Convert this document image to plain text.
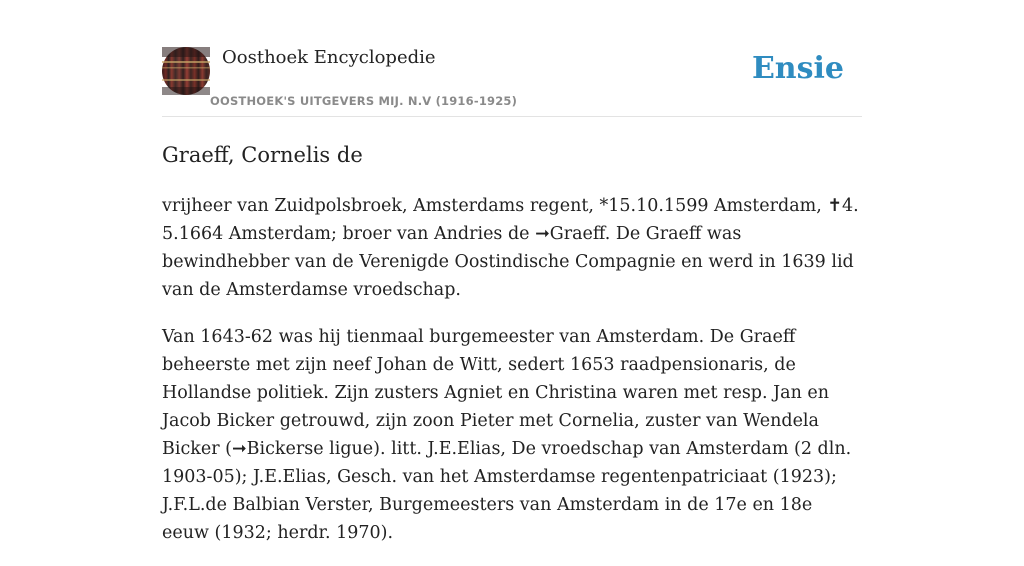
Oosthoek Encyclopedie
OOSTHOEK'S UITGEVERS MIJ. N.V (1916-1925)
Ensie
Graeff, Cornelis de

vrijheer van Zuidpolsbroek, Amsterdams regent, *15.10.1599 Amsterdam, ✝4. 5.1664 Amsterdam; broer van Andries de ➞Graeff. De Graeff was bewindhebber van de Verenigde Oostindische Compagnie en werd in 1639 lid van de Amsterdamse vroedschap.

Van 1643-62 was hij tienmaal burgemeester van Amsterdam. De Graeff beheerste met zijn neef Johan de Witt, sedert 1653 raadpensionaris, de Hollandse politiek. Zijn zusters Agniet en Christina waren met resp. Jan en Jacob Bicker getrouwd, zijn zoon Pieter met Cornelia, zuster van Wendela Bicker (➞Bickerse ligue). litt. J.E.Elias, De vroedschap van Amsterdam (2 dln. 1903-05); J.E.Elias, Gesch. van het Amsterdamse regentenpatriciaat (1923); J.F.L.de Balbian Verster, Burgemeesters van Amsterdam in de 17e en 18e eeuw (1932; herdr. 1970).
